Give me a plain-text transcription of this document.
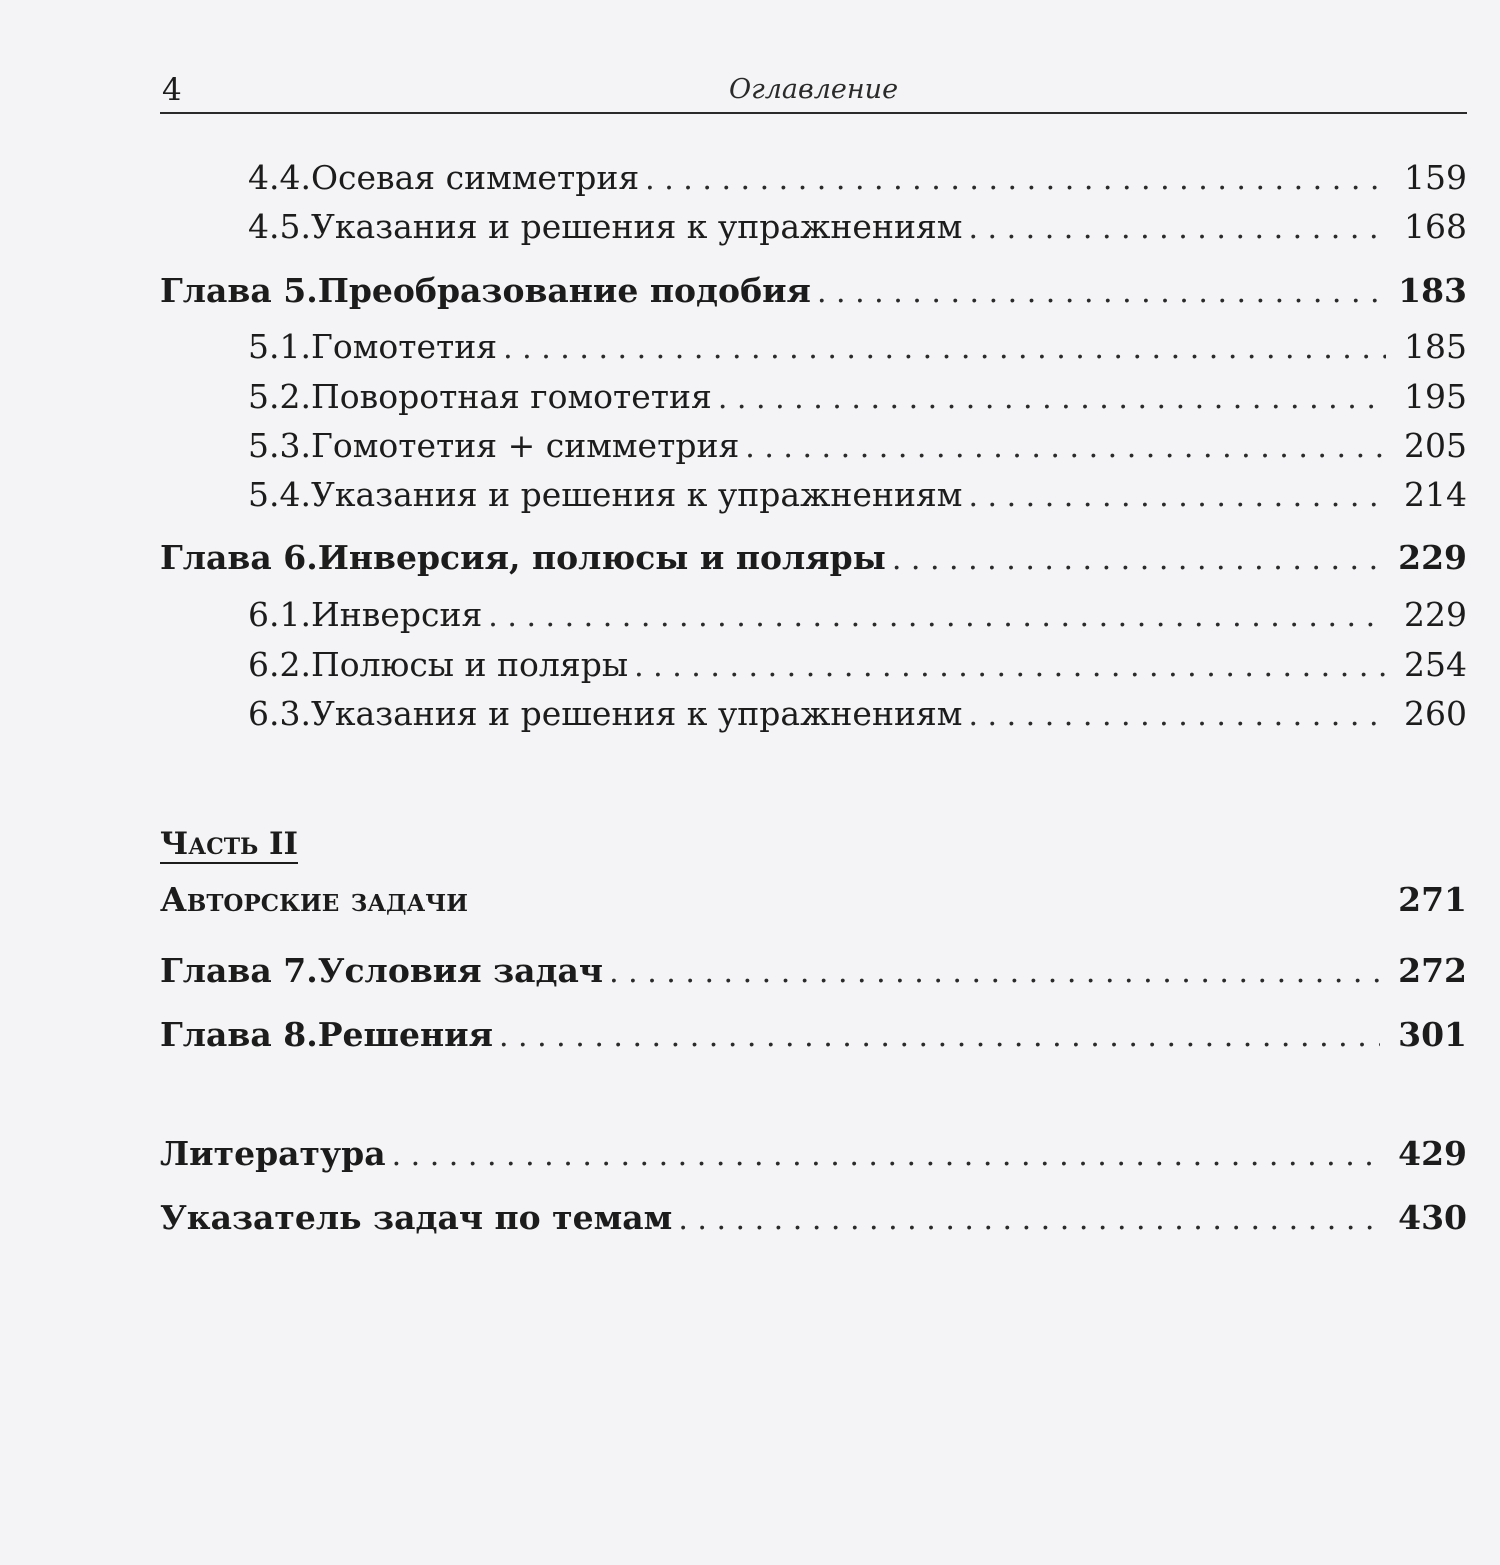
4	Оглавление
4.4. Осевая симметрия . . .	159
4.5. Указания и решения к упражнениям . . .	168
Глава 5. Преобразование подобия . . .	183
5.1. Гомотетия . . .	185
5.2. Поворотная гомотетия . . .	195
5.3. Гомотетия + симметрия . . .	205
5.4. Указания и решения к упражнениям . . .	214
Глава 6. Инверсия, полюсы и поляры . . .	229
6.1. Инверсия . . .	229
6.2. Полюсы и поляры . . .	254
6.3. Указания и решения к упражнениям . . .	260
Часть II
Авторские задачи	271
Глава 7. Условия задач . . .	272
Глава 8. Решения . . .	301
Литература . . .	429
Указатель задач по темам . . .	430
